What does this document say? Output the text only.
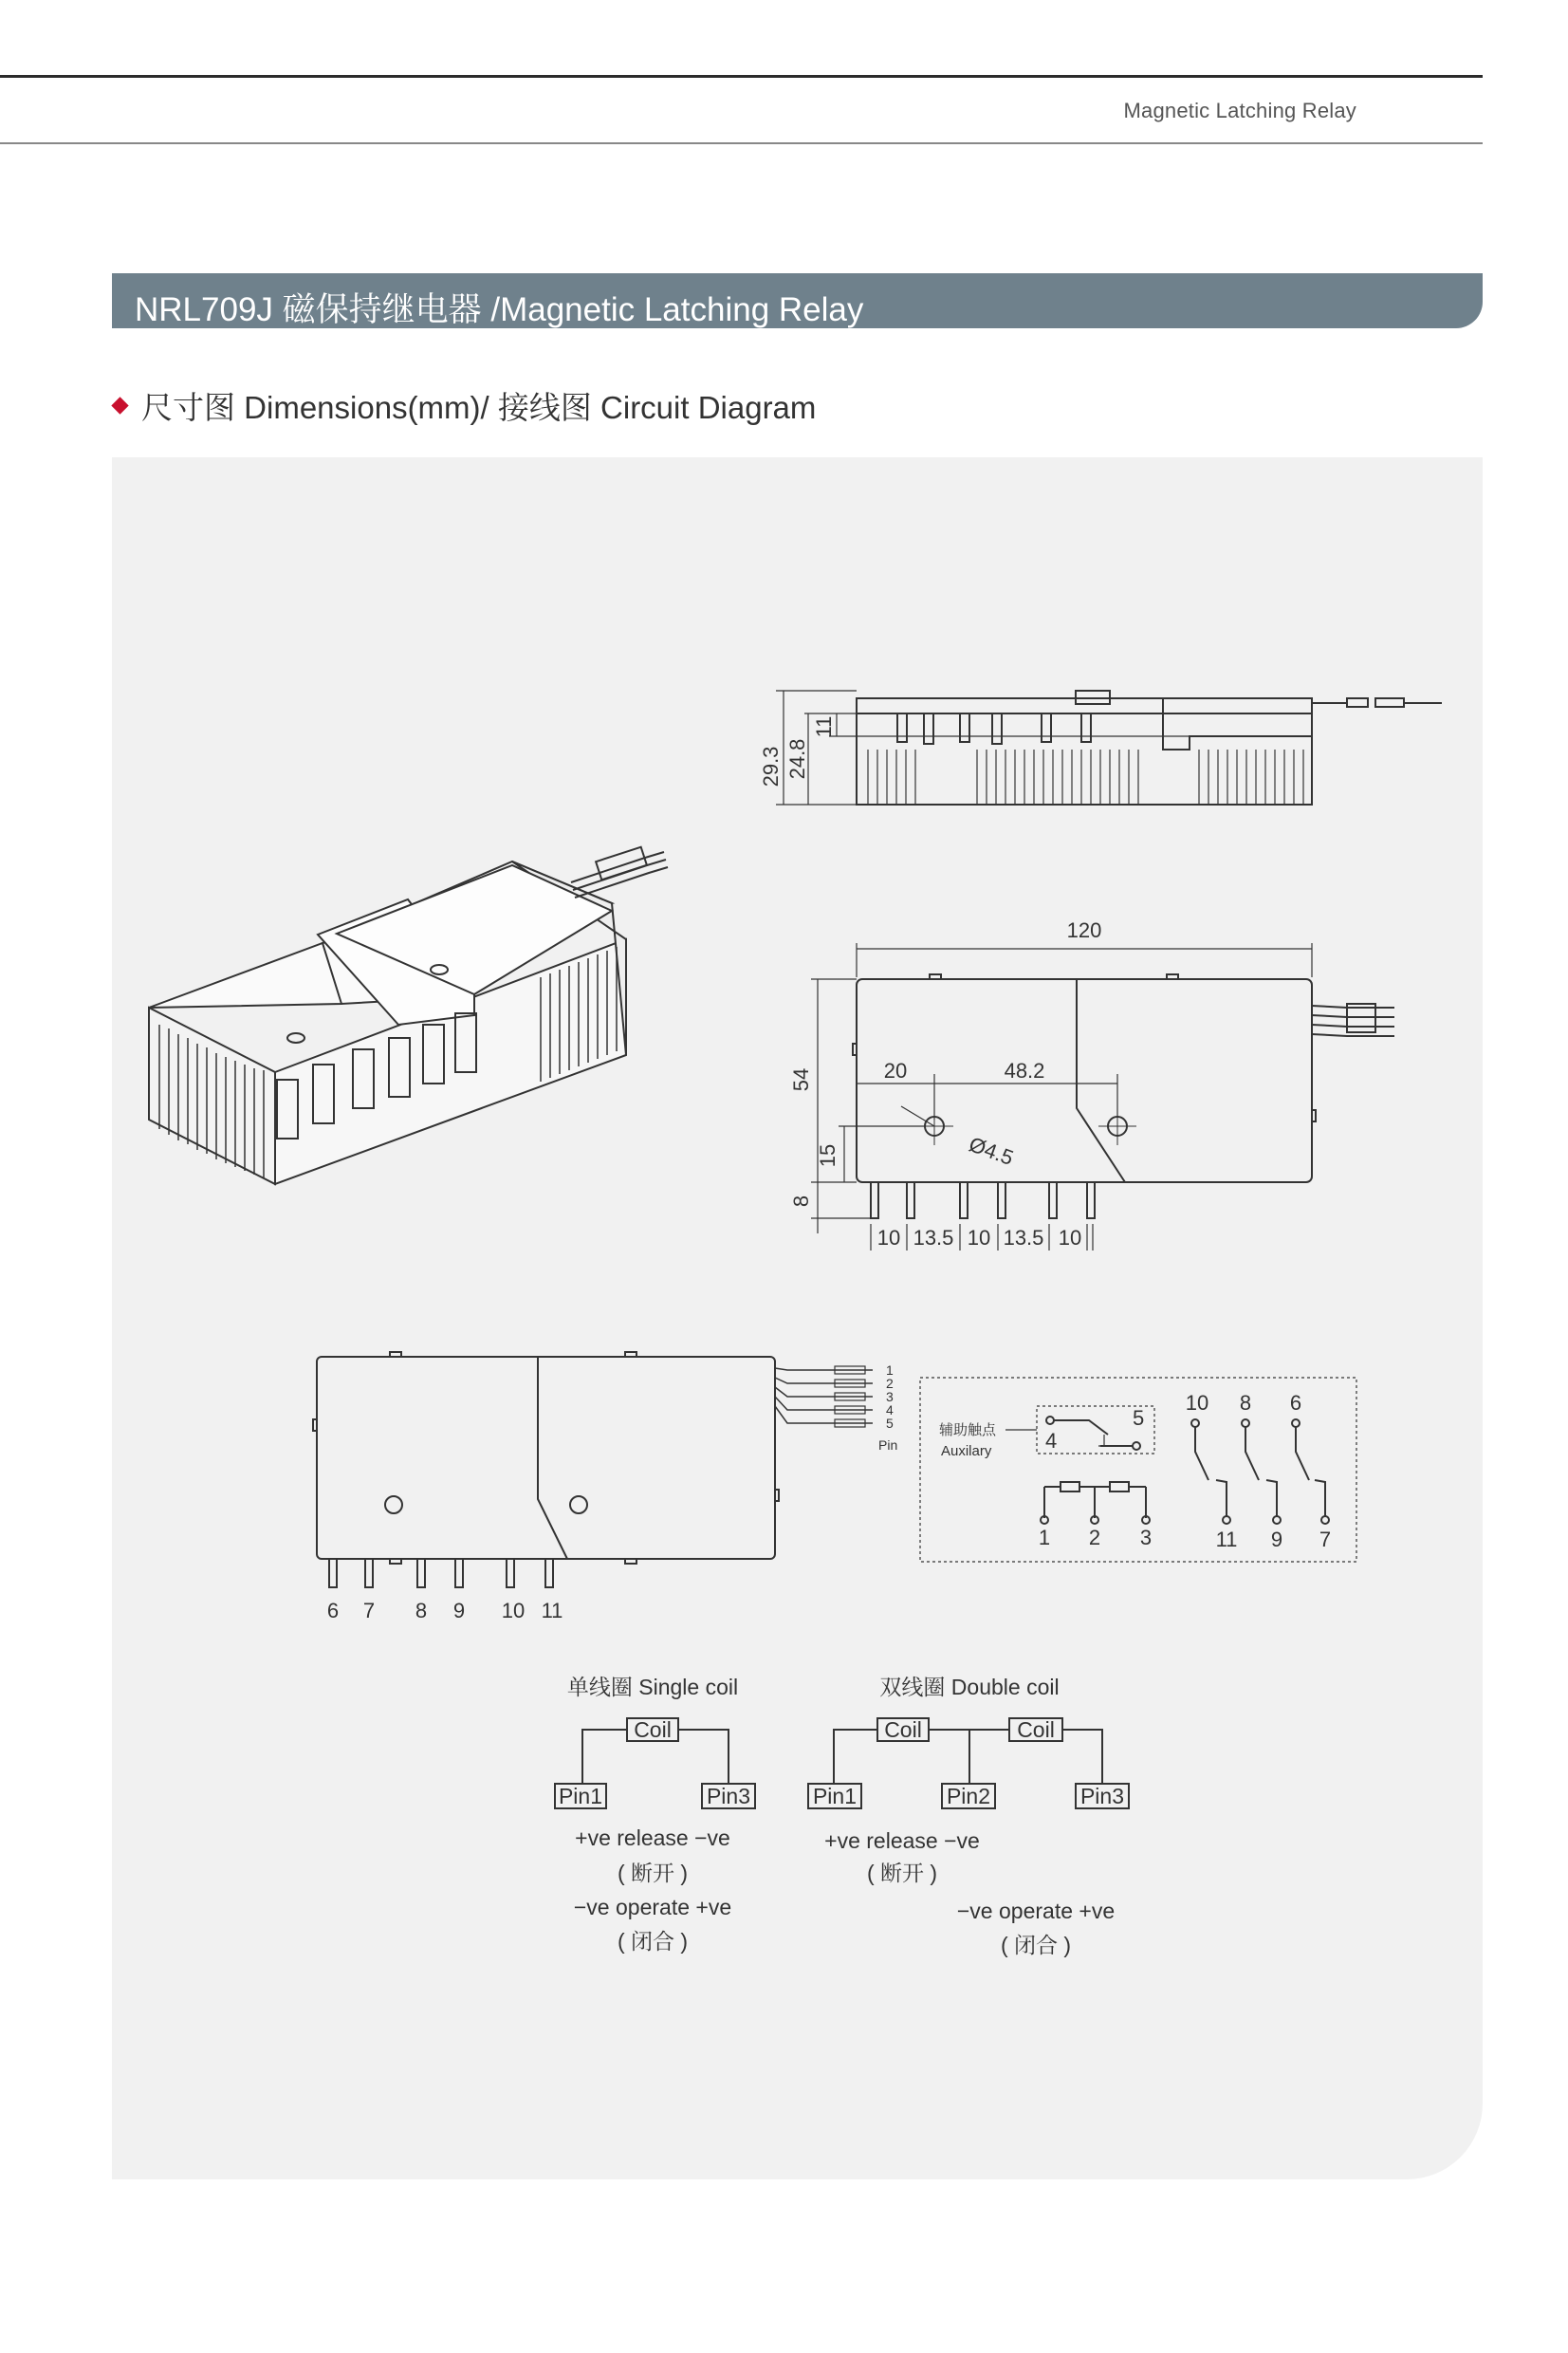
Magnetic Latching Relay
NRL709J 磁保持继电器 /Magnetic Latching Relay
尺寸图 Dimensions(mm)/ 接线图 Circuit Diagram
29.3 24.8
11
120
54	20	48.2
Ø4.5
15
8
10 13.5 10 13.5 10
1
2
3
4
5
Pin
6 7 8 9 10 11
辅助触点
Auxilary	4
5
10 8 6
11 9 7
1 2 3
单线圈 Single coil
Coil
Pin1	Pin3
+ve release −ve
( 断开 )
−ve operate +ve
( 闭合 )
双线圈 Double coil
Coil	Coil
Pin1	Pin2	Pin3
+ve release −ve
( 断开 )
−ve operate +ve
( 闭合 )
